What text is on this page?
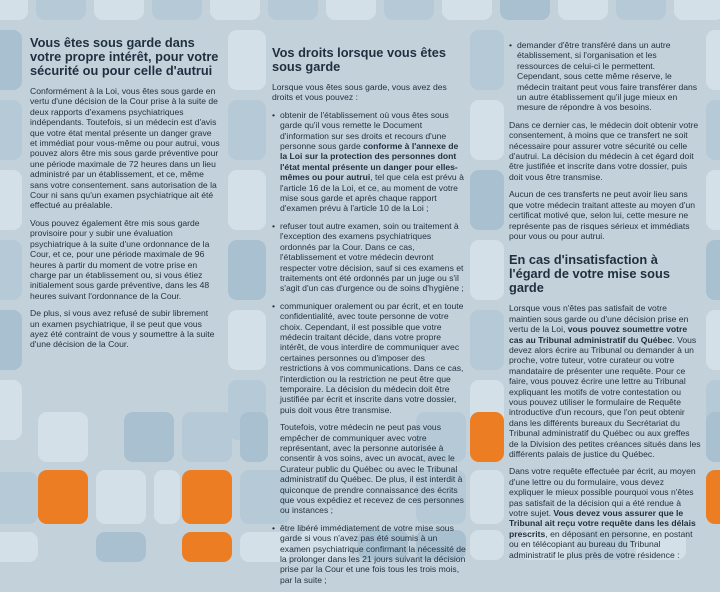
Vous êtes sous garde dans votre propre intérêt, pour votre sécurité ou pour celle d'autrui

Conformément à la Loi, vous êtes sous garde en vertu d'une décision de la Cour prise à la suite de deux rapports d'examens psychiatriques indépendants. Toutefois, si un médecin est d'avis que votre état mental présente un danger grave et immédiat pour vous-même ou pour autrui, vous pouvez alors être mis sous garde préventive pour une période maximale de 72 heures dans un lieu administré par un établissement, et ce, même sans votre consentement. sans autorisation de la Cour ni sans qu'un examen psychiatrique ait été effectué au préalable.

Vous pouvez également être mis sous garde provisoire pour y subir une évaluation psychiatrique à la suite d'une ordonnance de la Cour, et ce, pour une période maximale de 96 heures à partir du moment de votre prise en charge par un établissement ou, si vous étiez initialement sous garde préventive, dans les 48 heures suivant l'ordonnance de la Cour.

De plus, si vous avez refusé de subir librement un examen psychiatrique, il se peut que vous ayez été contraint de vous y soumettre à la suite d'une décision de la Cour.

Vos droits lorsque vous êtes sous garde

Lorsque vous êtes sous garde, vous avez des droits et vous pouvez :

• obtenir de l'établissement où vous êtes sous garde qu'il vous remette le Document d'information sur ses droits et recours d'une personne sous garde conforme à l'annexe de la Loi sur la protection des personnes dont l'état mental présente un danger pour elles-mêmes ou pour autrui, tel que cela est prévu à l'article 16 de la Loi, et ce, au moment de votre mise sous garde et après chaque rapport d'examen prévu à l'article 10 de la Loi ;
• refuser tout autre examen, soin ou traitement à l'exception des examens psychiatriques ordonnés par la Cour. Dans ce cas, l'établissement et votre médecin devront respecter votre décision, sauf si ces examens et traitements ont été ordonnés par un juge ou s'il s'agit d'un cas d'urgence ou de soins d'hygiène ;
• communiquer oralement ou par écrit, et en toute confidentialité, avec toute personne de votre choix. Cependant, il est possible que votre médecin traitant décide, dans votre propre intérêt, de vous interdire de communiquer avec certaines personnes ou d'imposer des restrictions à vos communications. Dans ce cas, l'interdiction ou la restriction ne peut être que temporaire. La décision du médecin doit être justifiée par écrit et inscrite dans votre dossier, puis doit vous être transmise.

Toutefois, votre médecin ne peut pas vous empêcher de communiquer avec votre représentant, avec la personne autorisée à consentir à vos soins, avec un avocat, avec le Curateur public du Québec ou avec le Tribunal administratif du Québec. De plus, il est interdit à quiconque de prendre connaissance des écrits que vous expédiez et recevez de ces personnes ou instances ;

• être libéré immédiatement de votre mise sous garde si vous n'avez pas été soumis à un examen psychiatrique confirmant la nécessité de la prolonger dans les 21 jours suivant la décision prise par la Cour et une fois tous les trois mois, par la suite ;
• demander d'être transféré dans un autre établissement, si l'organisation et les ressources de celui-ci le permettent. Cependant, sous cette même réserve, le médecin traitant peut vous faire transférer dans un autre établissement qu'il juge mieux en mesure de répondre à vos besoins.

Dans ce dernier cas, le médecin doit obtenir votre consentement, à moins que ce transfert ne soit nécessaire pour assurer votre sécurité ou celle d'autrui. La décision du médecin à cet égard doit être justifiée et inscrite dans votre dossier, puis doit vous être transmise.

Aucun de ces transferts ne peut avoir lieu sans que votre médecin traitant atteste au moyen d'un certificat motivé que, selon lui, cette mesure ne représente pas de risques sérieux et immédiats pour vous ou pour autrui.

En cas d'insatisfaction à l'égard de votre mise sous garde

Lorsque vous n'êtes pas satisfait de votre maintien sous garde ou d'une décision prise en vertu de la Loi, vous pouvez soumettre votre cas au Tribunal administratif du Québec. Vous devez alors écrire au Tribunal ou demander à un proche, votre tuteur, votre curateur ou votre mandataire de présenter une requête. Pour ce faire, vous pouvez écrire une lettre au Tribunal expliquant les motifs de votre contestation ou vous pouvez utiliser le formulaire de Requête introductive d'un recours, que l'on peut obtenir dans les différents bureaux du Secrétariat du Tribunal administratif du Québec ou aux greffes de la Division des petites créances situés dans les différents palais de justice du Québec.

Dans votre requête effectuée par écrit, au moyen d'une lettre ou du formulaire, vous devez expliquer le mieux possible pourquoi vous n'êtes pas satisfait de la décision qui a été rendue à votre sujet. Vous devez vous assurer que le Tribunal ait reçu votre requête dans les délais prescrits, en déposant en personne, en postant ou en télécopiant au bureau du Tribunal administratif le plus près de votre résidence :
